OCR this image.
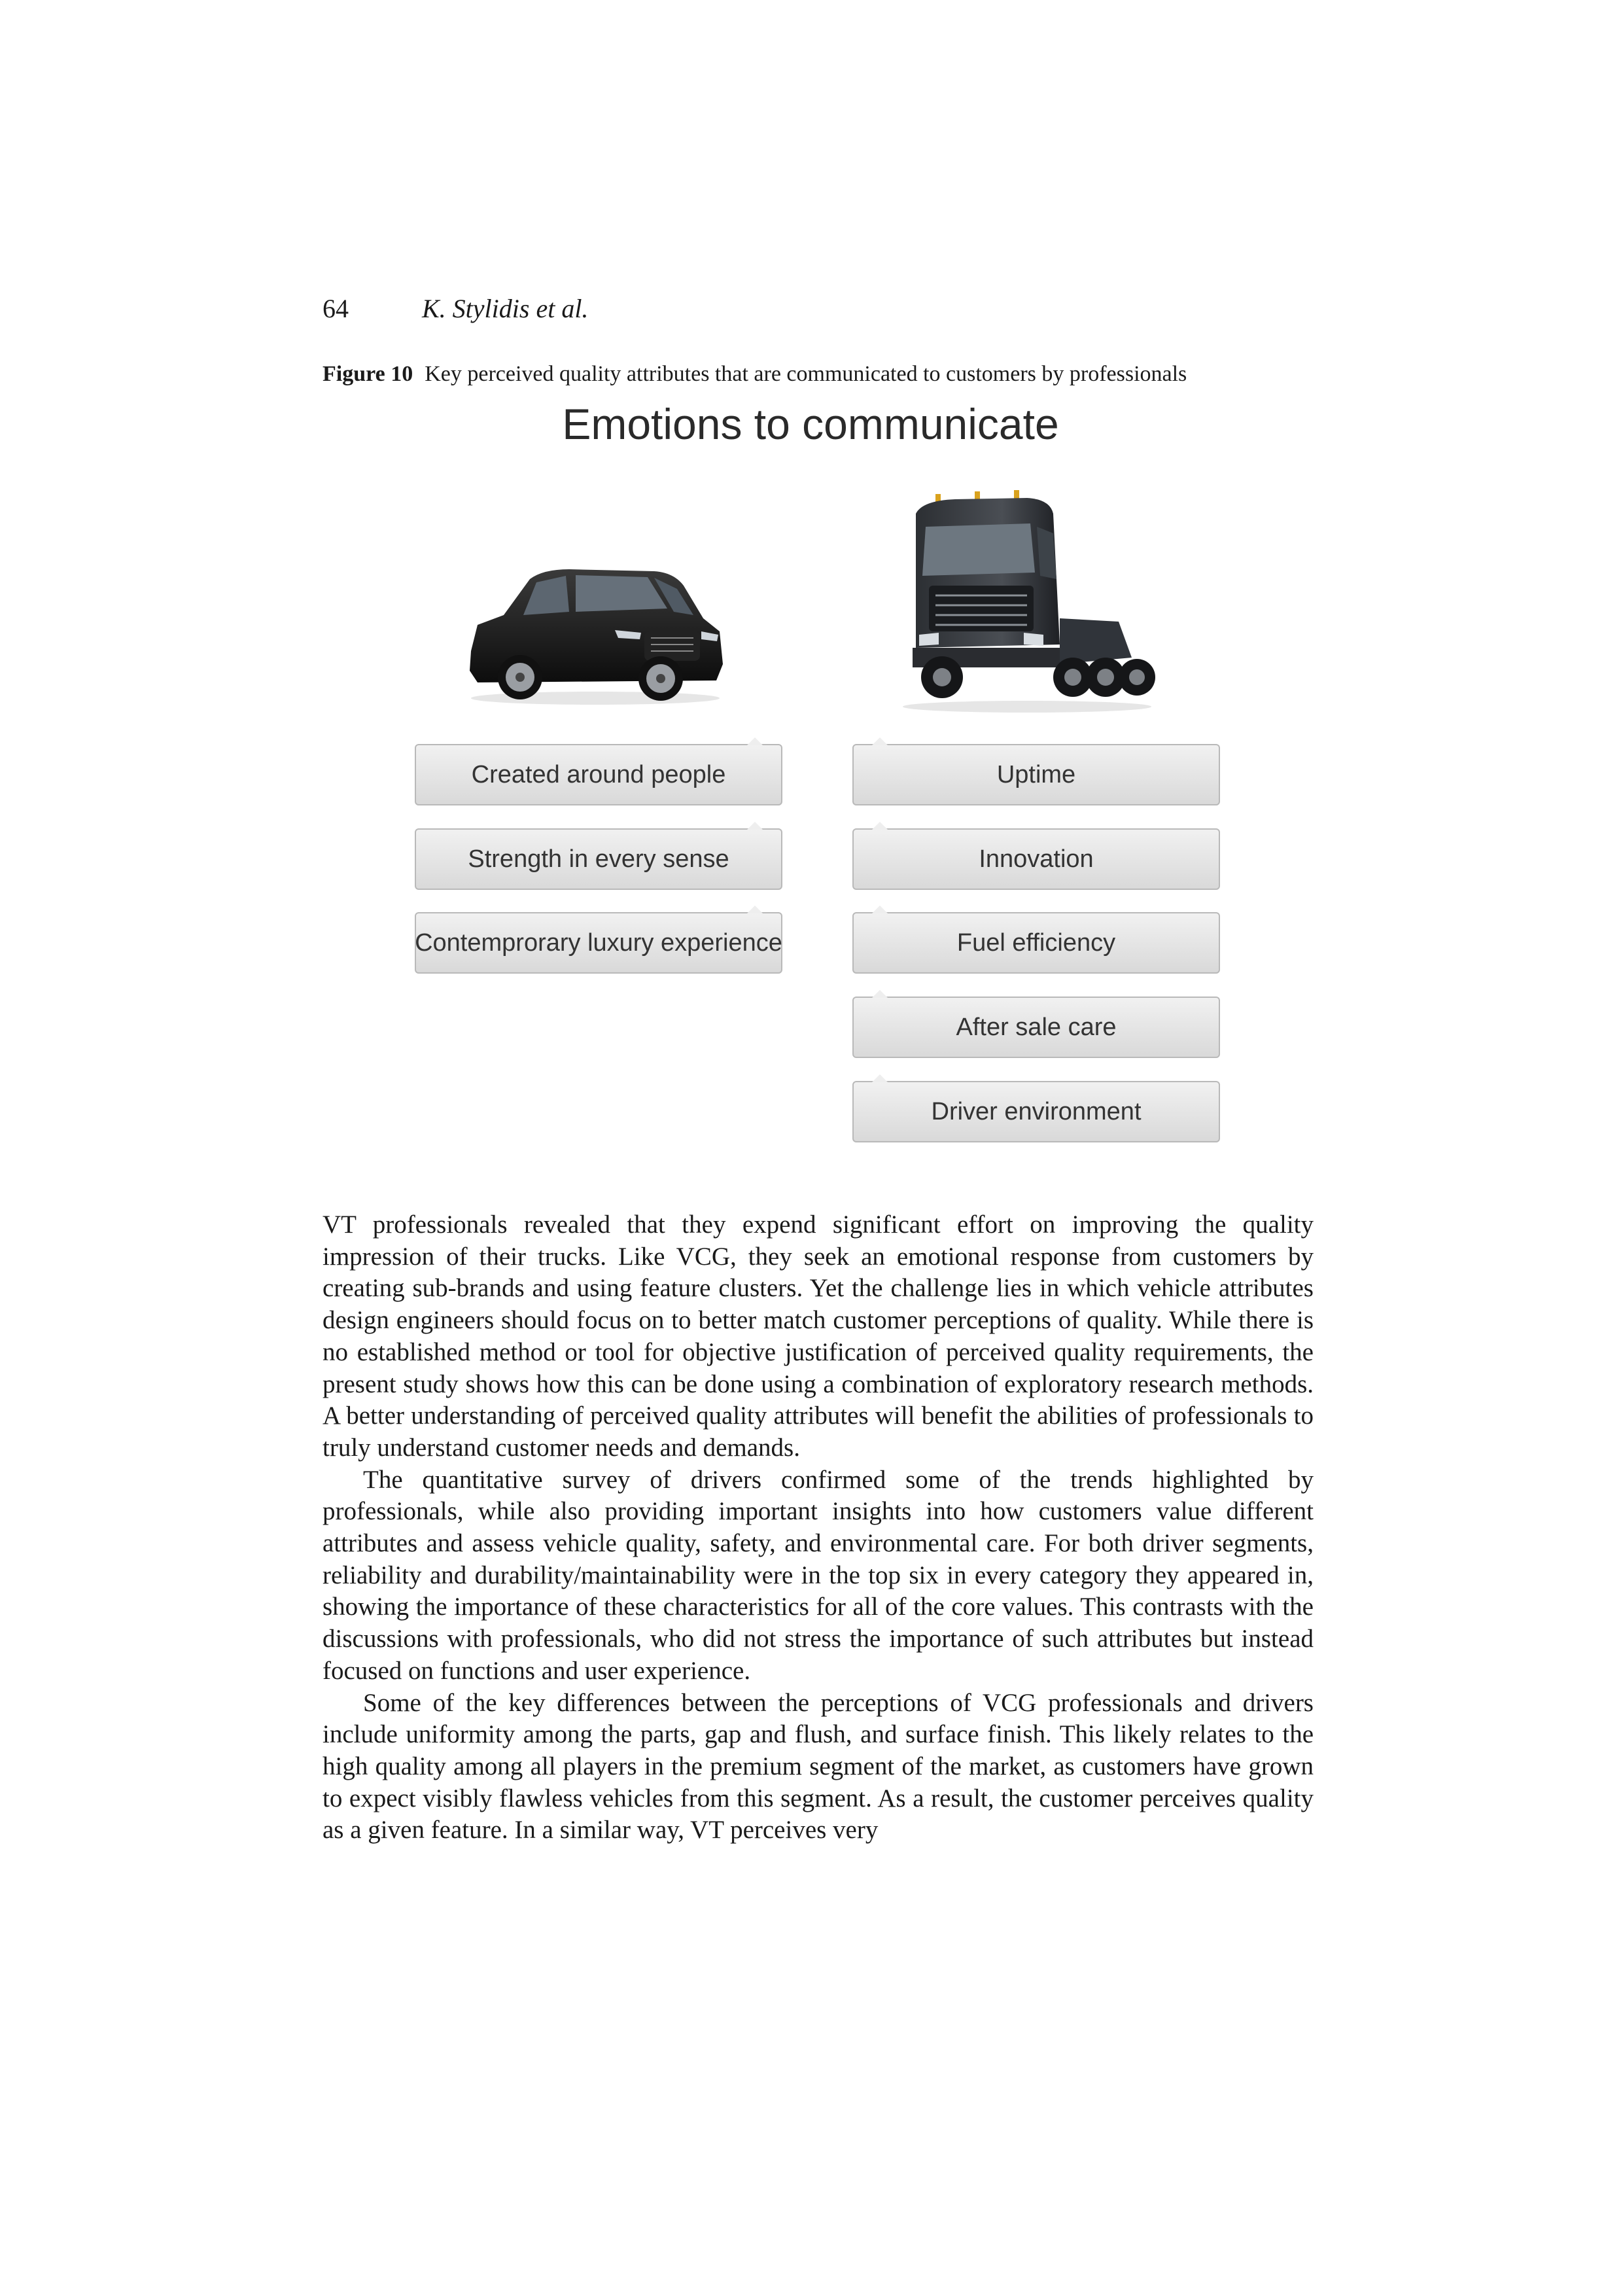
64	K. Stylidis et al.
Figure 10 Key perceived quality attributes that are communicated to customers by professionals
Emotions to communicate
Created around people
Strength in every sense
Contemprorary luxury experience
Uptime
Innovation
Fuel efficiency
After sale care
Driver environment

VT professionals revealed that they expend significant effort on improving the quality impression of their trucks. Like VCG, they seek an emotional response from customers by creating sub-brands and using feature clusters. Yet the challenge lies in which vehicle attributes design engineers should focus on to better match customer perceptions of quality. While there is no established method or tool for objective justification of perceived quality requirements, the present study shows how this can be done using a combination of exploratory research methods. A better understanding of perceived quality attributes will benefit the abilities of professionals to truly understand customer needs and demands.

The quantitative survey of drivers confirmed some of the trends highlighted by professionals, while also providing important insights into how customers value different attributes and assess vehicle quality, safety, and environmental care. For both driver segments, reliability and durability/maintainability were in the top six in every category they appeared in, showing the importance of these characteristics for all of the core values. This contrasts with the discussions with professionals, who did not stress the importance of such attributes but instead focused on functions and user experience.

Some of the key differences between the perceptions of VCG professionals and drivers include uniformity among the parts, gap and flush, and surface finish. This likely relates to the high quality among all players in the premium segment of the market, as customers have grown to expect visibly flawless vehicles from this segment. As a result, the customer perceives quality as a given feature. In a similar way, VT perceives very
